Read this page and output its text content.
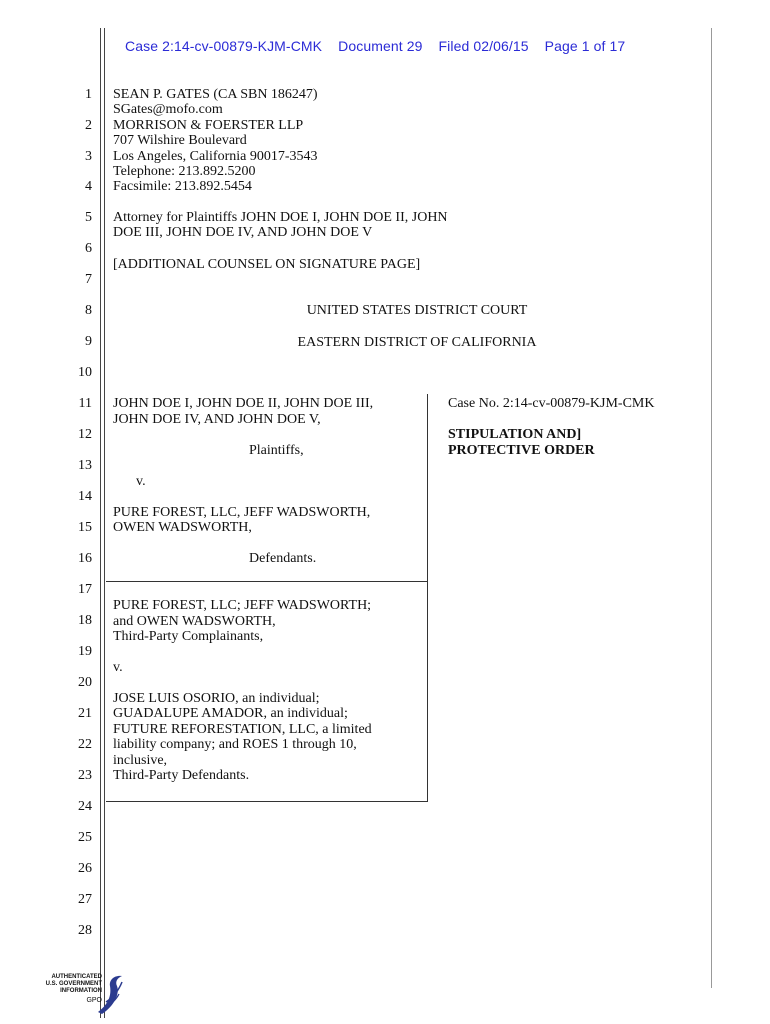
Case 2:14-cv-00879-KJM-CMK Document 29 Filed 02/06/15 Page 1 of 17
1
2
3
4
5
6
7
8
9
10
11
12
13
14
15
16
17
18
19
20
21
22
23
24
25
26
27
28
SEAN P. GATES (CA SBN 186247)
SGates@mofo.com
MORRISON & FOERSTER LLP
707 Wilshire Boulevard
Los Angeles, California 90017-3543
Telephone: 213.892.5200
Facsimile: 213.892.5454
Attorney for Plaintiffs JOHN DOE I, JOHN DOE II, JOHN
DOE III, JOHN DOE IV, AND JOHN DOE V
[ADDITIONAL COUNSEL ON SIGNATURE PAGE]
UNITED STATES DISTRICT COURT
EASTERN DISTRICT OF CALIFORNIA
JOHN DOE I, JOHN DOE II, JOHN DOE III,
JOHN DOE IV, AND JOHN DOE V,
Plaintiffs,
v.
PURE FOREST, LLC, JEFF WADSWORTH,
OWEN WADSWORTH,
Defendants.
PURE FOREST, LLC; JEFF WADSWORTH;
and OWEN WADSWORTH,
Third-Party Complainants,
v.
JOSE LUIS OSORIO, an individual;
GUADALUPE AMADOR, an individual;
FUTURE REFORESTATION, LLC, a limited
liability company; and ROES 1 through 10,
inclusive,
Third-Party Defendants.
Case No. 2:14-cv-00879-KJM-CMK
STIPULATION AND]
PROTECTIVE ORDER
AUTHENTICATED
U.S. GOVERNMENT
INFORMATION
GPO
